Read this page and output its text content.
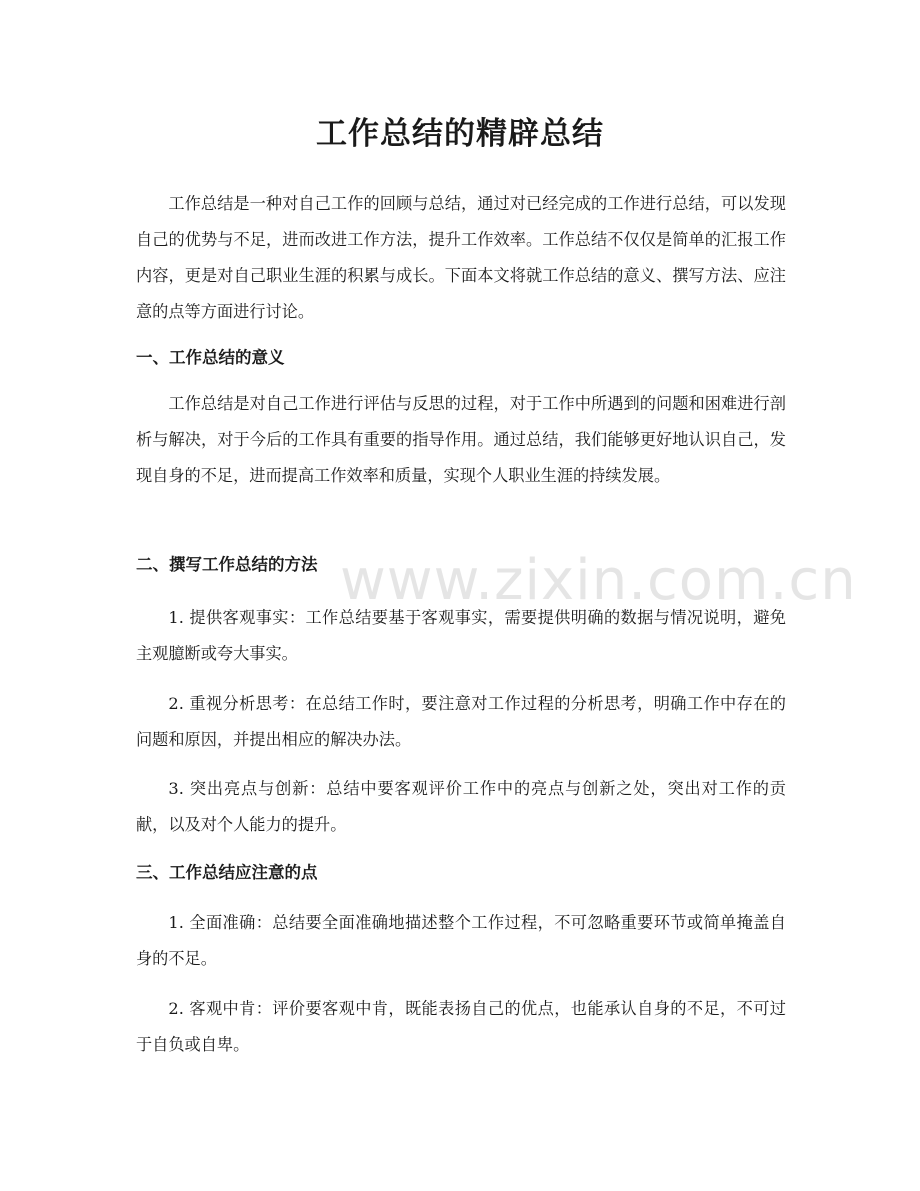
工作总结的精辟总结

工作总结是一种对自己工作的回顾与总结，通过对已经完成的工作进行总结，可以发现自己的优势与不足，进而改进工作方法，提升工作效率。工作总结不仅仅是简单的汇报工作内容，更是对自己职业生涯的积累与成长。下面本文将就工作总结的意义、撰写方法、应注意的点等方面进行讨论。

一、工作总结的意义

工作总结是对自己工作进行评估与反思的过程，对于工作中所遇到的问题和困难进行剖析与解决，对于今后的工作具有重要的指导作用。通过总结，我们能够更好地认识自己，发现自身的不足，进而提高工作效率和质量，实现个人职业生涯的持续发展。

二、撰写工作总结的方法

1. 提供客观事实：工作总结要基于客观事实，需要提供明确的数据与情况说明，避免主观臆断或夸大事实。

2. 重视分析思考：在总结工作时，要注意对工作过程的分析思考，明确工作中存在的问题和原因，并提出相应的解决办法。

3. 突出亮点与创新：总结中要客观评价工作中的亮点与创新之处，突出对工作的贡献，以及对个人能力的提升。

三、工作总结应注意的点

1. 全面准确：总结要全面准确地描述整个工作过程，不可忽略重要环节或简单掩盖自身的不足。

2. 客观中肯：评价要客观中肯，既能表扬自己的优点，也能承认自身的不足，不可过于自负或自卑。

www.zixin.com.cn
